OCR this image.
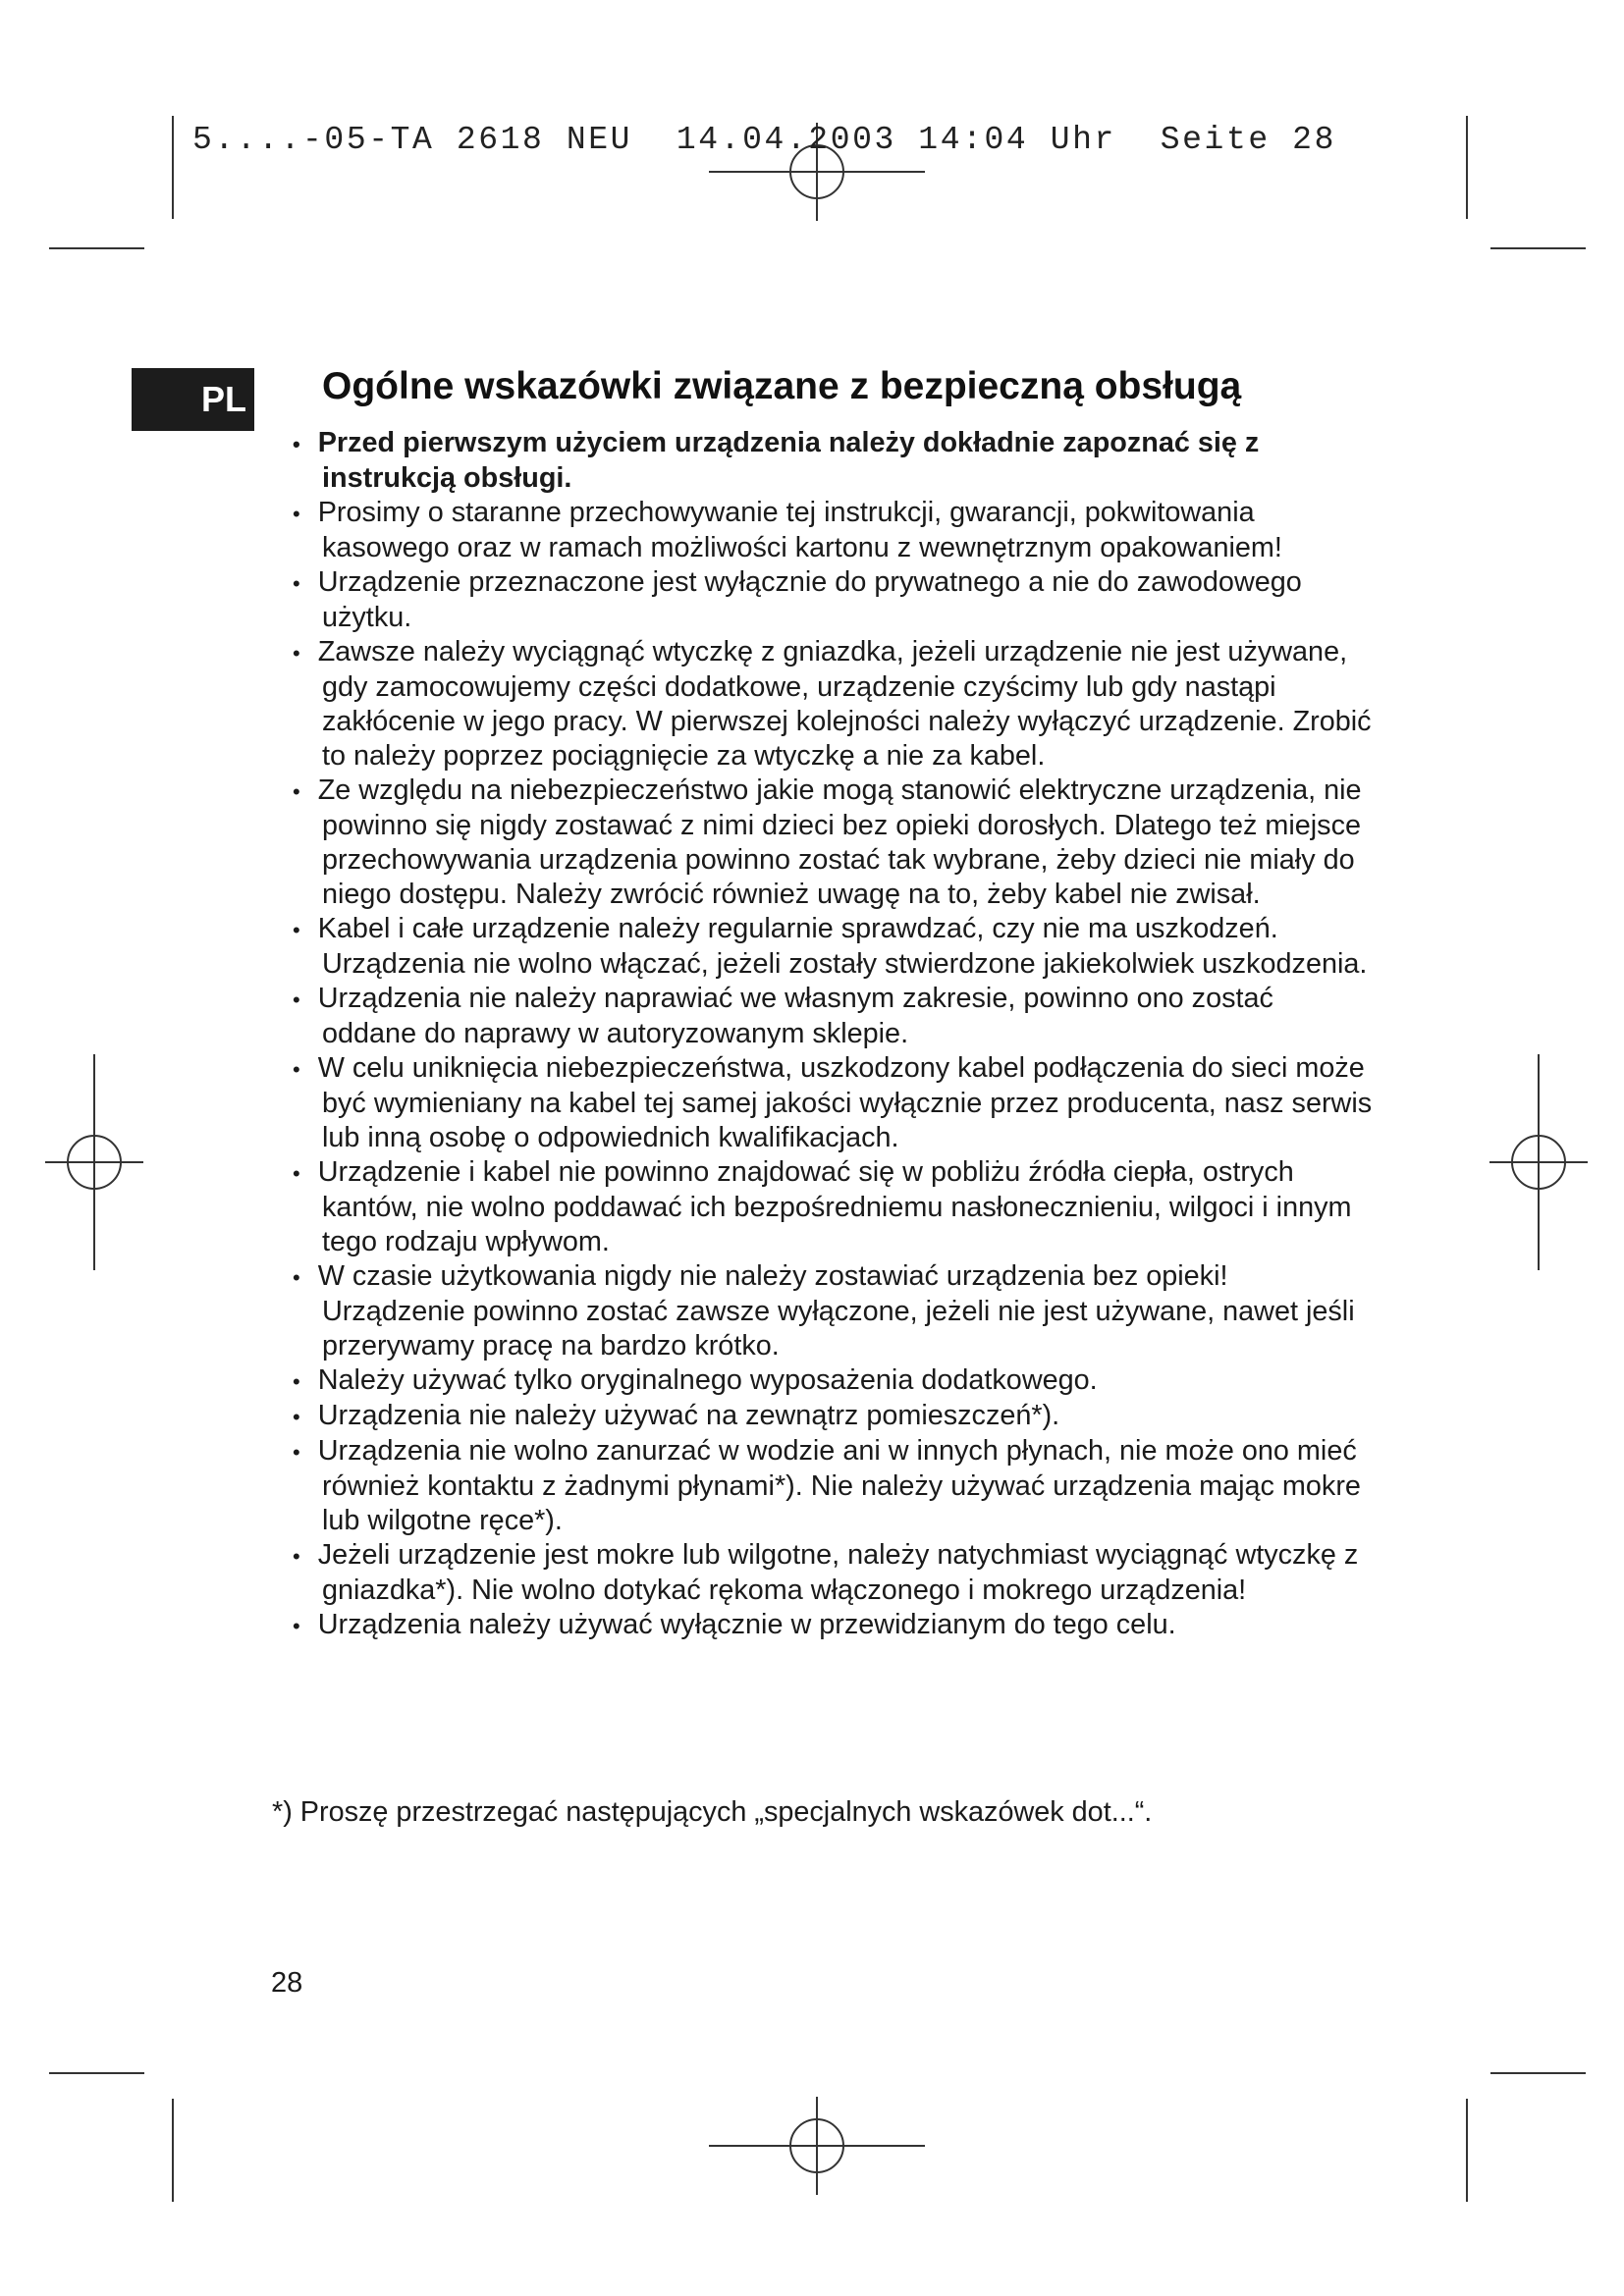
5....-05-TA 2618 NEU  14.04.2003 14:04 Uhr  Seite 28
PL Ogólne wskazówki związane z bezpieczną obsługą
• Przed pierwszym użyciem urządzenia należy dokładnie zapoznać się z instrukcją obsługi.
• Prosimy o staranne przechowywanie tej instrukcji, gwarancji, pokwitowania kasowego oraz w ramach możliwości kartonu z wewnętrznym opakowaniem!
• Urządzenie przeznaczone jest wyłącznie do prywatnego a nie do zawodowego użytku.
• Zawsze należy wyciągnąć wtyczkę z gniazdka, jeżeli urządzenie nie jest używane, gdy zamocowujemy części dodatkowe, urządzenie czyścimy lub gdy nastąpi zakłócenie w jego pracy. W pierwszej kolejności należy wyłączyć urządzenie. Zrobić to należy poprzez pociągnięcie za wtyczkę a nie za kabel.
• Ze względu na niebezpieczeństwo jakie mogą stanowić elektryczne urządzenia, nie powinno się nigdy zostawać z nimi dzieci bez opieki dorosłych. Dlatego też miejsce przechowywania urządzenia powinno zostać tak wybrane, żeby dzieci nie miały do niego dostępu. Należy zwrócić również uwagę na to, żeby kabel nie zwisał.
• Kabel i całe urządzenie należy regularnie sprawdzać, czy nie ma uszkodzeń. Urządzenia nie wolno włączać, jeżeli zostały stwierdzone jakiekolwiek uszkodzenia.
• Urządzenia nie należy naprawiać we własnym zakresie, powinno ono zostać oddane do naprawy w autoryzowanym sklepie.
• W celu uniknięcia niebezpieczeństwa, uszkodzony kabel podłączenia do sieci może być wymieniany na kabel tej samej jakości wyłącznie przez producenta, nasz serwis lub inną osobę o odpowiednich kwalifikacjach.
• Urządzenie i kabel nie powinno znajdować się w pobliżu źródła ciepła, ostrych kantów, nie wolno poddawać ich bezpośredniemu nasłonecznieniu, wilgoci i innym tego rodzaju wpływom.
• W czasie użytkowania nigdy nie należy zostawiać urządzenia bez opieki! Urządzenie powinno zostać zawsze wyłączone, jeżeli nie jest używane, nawet jeśli przerywamy pracę na bardzo krótko.
• Należy używać tylko oryginalnego wyposażenia dodatkowego.
• Urządzenia nie należy używać na zewnątrz pomieszczeń*).
• Urządzenia nie wolno zanurzać w wodzie ani w innych płynach, nie może ono mieć również kontaktu z żadnymi płynami*). Nie należy używać urządzenia mając mokre lub wilgotne ręce*).
• Jeżeli urządzenie jest mokre lub wilgotne, należy natychmiast wyciągnąć wtyczkę z gniazdka*). Nie wolno dotykać rękoma włączonego i mokrego urządzenia!
• Urządzenia należy używać wyłącznie w przewidzianym do tego celu.
*) Proszę przestrzegać następujących „specjalnych wskazówek dot...“.
28
